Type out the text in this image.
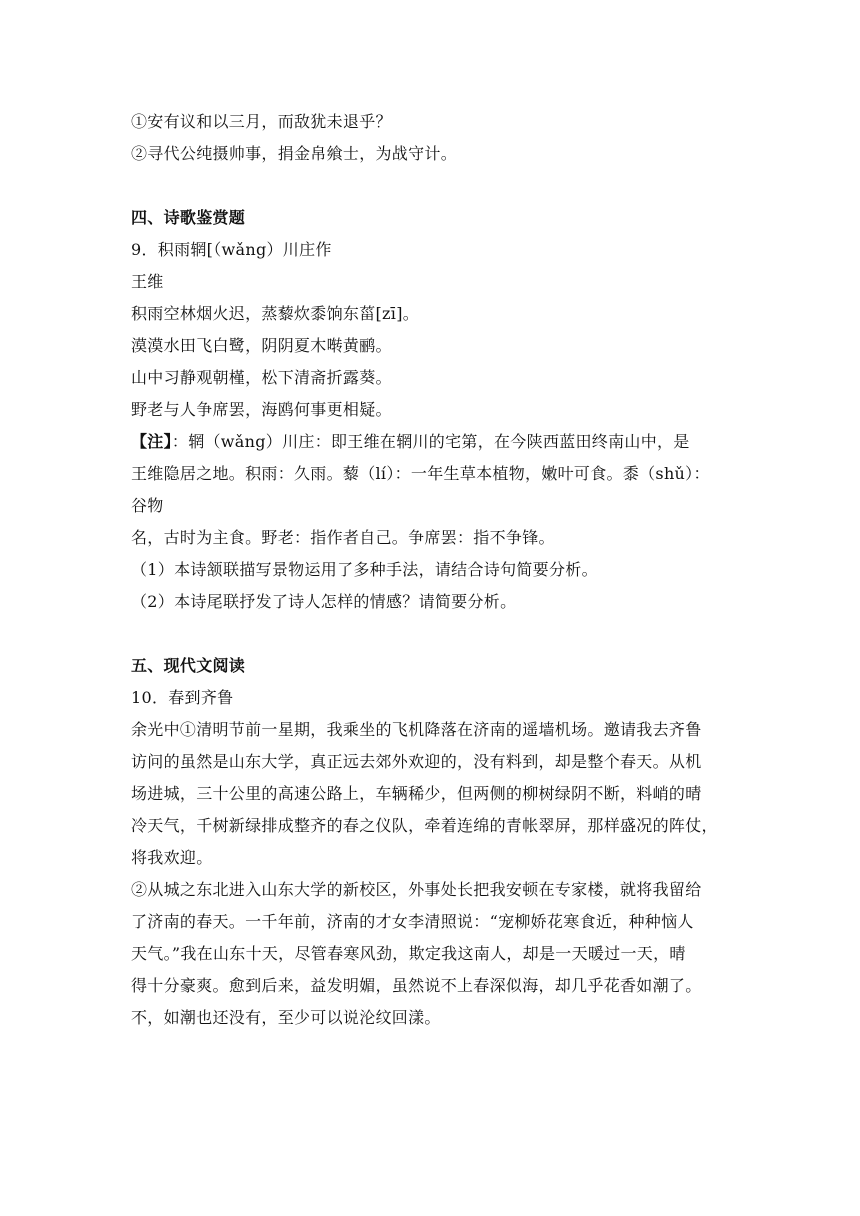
①安有议和以三月，而敌犹未退乎？

②寻代公纯摄帅事，捐金帛飨士，为战守计。

四、诗歌鉴赏题

9．积雨辋[（wǎng）川庄作

王维

积雨空林烟火迟，蒸藜炊黍饷东菑[zī]。

漠漠水田飞白鹭，阴阴夏木啭黄鹂。

山中习静观朝槿，松下清斋折露葵。

野老与人争席罢，海鸥何事更相疑。

【注】：辋（wǎng）川庄：即王维在辋川的宅第，在今陕西蓝田终南山中，是

王维隐居之地。积雨：久雨。藜（lí）：一年生草本植物，嫩叶可食。黍（shǔ）：

谷物

名，古时为主食。野老：指作者自己。争席罢：指不争锋。

（1）本诗颔联描写景物运用了多种手法，请结合诗句简要分析。

（2）本诗尾联抒发了诗人怎样的情感？请简要分析。

五、现代文阅读

10．春到齐鲁

余光中①清明节前一星期，我乘坐的飞机降落在济南的遥墙机场。邀请我去齐鲁

访问的虽然是山东大学，真正远去郊外欢迎的，没有料到，却是整个春天。从机

场进城，三十公里的高速公路上，车辆稀少，但两侧的柳树绿阴不断，料峭的晴

冷天气，千树新绿排成整齐的春之仪队，牵着连绵的青帐翠屏，那样盛况的阵仗，

将我欢迎。

②从城之东北进入山东大学的新校区，外事处长把我安顿在专家楼，就将我留给

了济南的春天。一千年前，济南的才女李清照说：“宠柳娇花寒食近，种种恼人

天气。”我在山东十天，尽管春寒风劲，欺定我这南人，却是一天暖过一天，晴

得十分豪爽。愈到后来，益发明媚，虽然说不上春深似海，却几乎花香如潮了。

不，如潮也还没有，至少可以说沦纹回漾。
